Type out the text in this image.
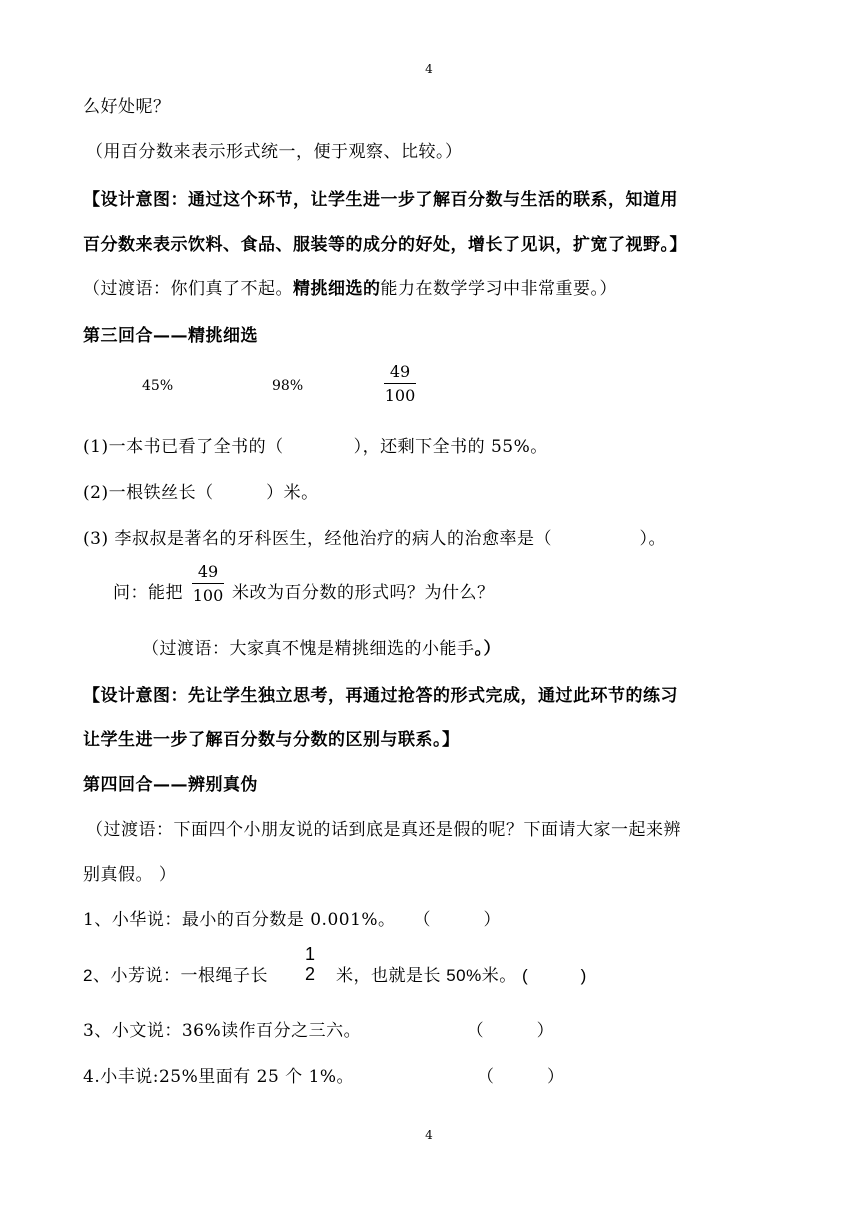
4
么好处呢？
（用百分数来表示形式统一，便于观察、比较。）
【设计意图：通过这个环节，让学生进一步了解百分数与生活的联系，知道用
百分数来表示饮料、食品、服装等的成分的好处，增长了见识，扩宽了视野。】
（过渡语：你们真了不起。精挑细选的能力在数学学习中非常重要。）
第三回合——精挑细选
45%	98%
49
100
(1)一本书已看了全书的（　　　　），还剩下全书的 55%。
(2)一根铁丝长（　　　）米。
(3) 李叔叔是著名的牙科医生，经他治疗的病人的治愈率是（　　　　　）。
问：能把
49
100 米改为百分数的形式吗？为什么？
（过渡语：大家真不愧是精挑细选的小能手。）
【设计意图：先让学生独立思考，再通过抢答的形式完成，通过此环节的练习
让学生进一步了解百分数与分数的区别与联系。】
第四回合——辨别真伪
（过渡语：下面四个小朋友说的话到底是真还是假的呢？下面请大家一起来辨
别真假。 ）
1、小华说：最小的百分数是 0.001%。　　（　　　）
2、小芳说：一根绳子长
1
2 米，也就是长 50%米。 (　　　)
3、小文说：36%读作百分之三六。　　　　　　　（　　　）
4.小丰说:25%里面有 25 个 1%。　　　　　　　　（　　　）
4
